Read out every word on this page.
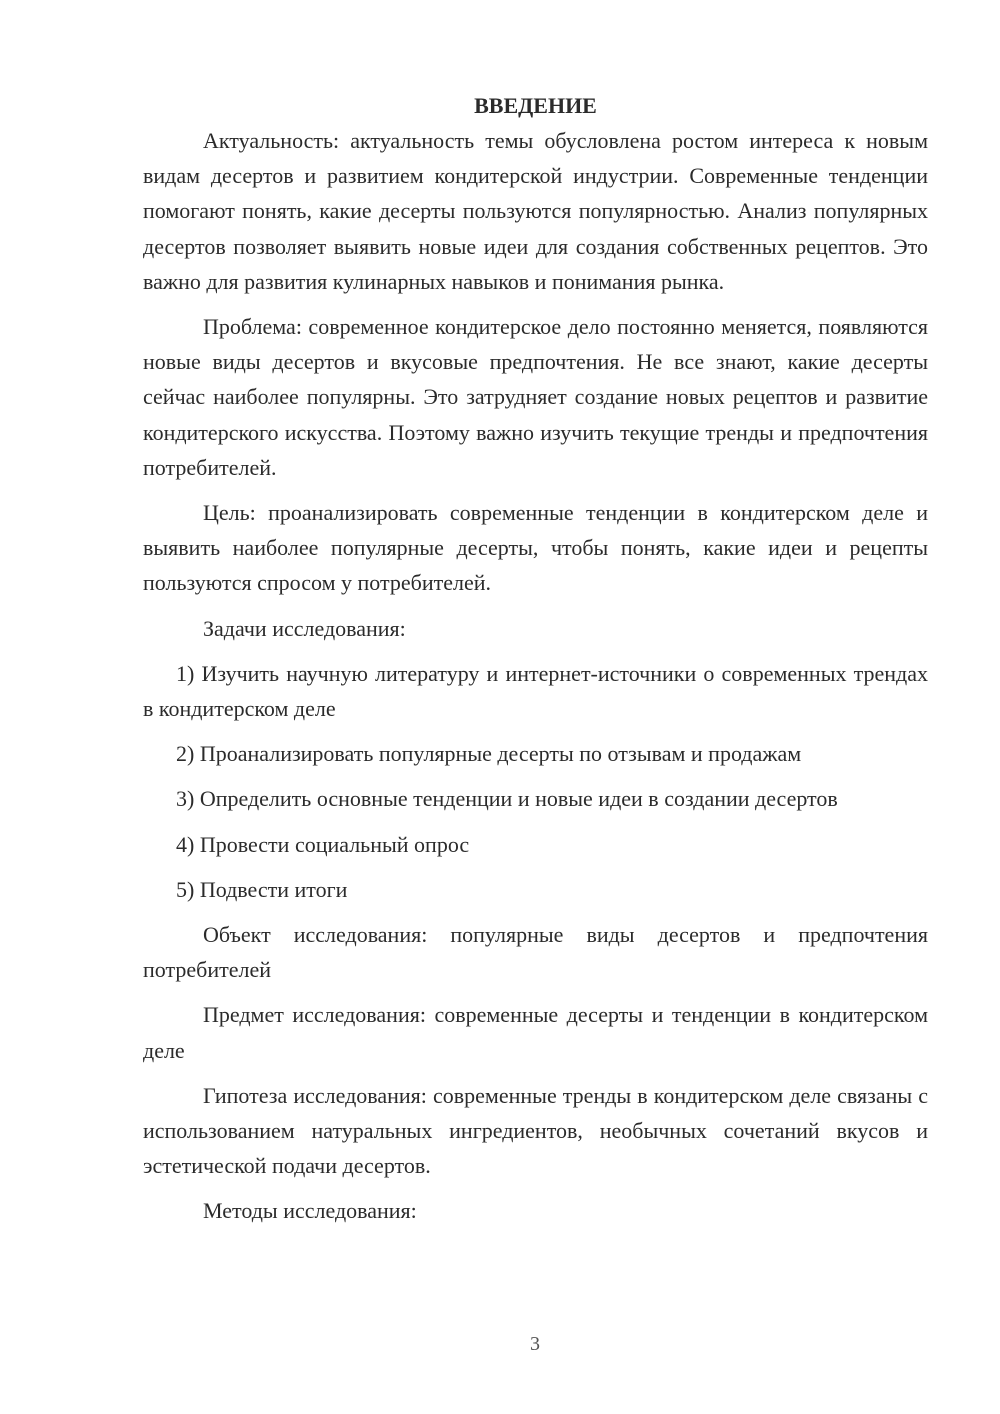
ВВЕДЕНИЕ

Актуальность: актуальность темы обусловлена ростом интереса к новым видам десертов и развитием кондитерской индустрии. Современные тенденции помогают понять, какие десерты пользуются популярностью. Анализ популярных десертов позволяет выявить новые идеи для создания собственных рецептов. Это важно для развития кулинарных навыков и понимания рынка.

Проблема: современное кондитерское дело постоянно меняется, появляются новые виды десертов и вкусовые предпочтения. Не все знают, какие десерты сейчас наиболее популярны. Это затрудняет создание новых рецептов и развитие кондитерского искусства. Поэтому важно изучить текущие тренды и предпочтения потребителей.

Цель: проанализировать современные тенденции в кондитерском деле и выявить наиболее популярные десерты, чтобы понять, какие идеи и рецепты пользуются спросом у потребителей.

Задачи исследования:

1) Изучить научную литературу и интернет-источники о современных трендах в кондитерском деле

2) Проанализировать популярные десерты по отзывам и продажам

3) Определить основные тенденции и новые идеи в создании десертов

4) Провести социальный опрос

5) Подвести итоги

Объект исследования: популярные виды десертов и предпочтения потребителей

Предмет исследования: современные десерты и тенденции в кондитерском деле

Гипотеза исследования: современные тренды в кондитерском деле связаны с использованием натуральных ингредиентов, необычных сочетаний вкусов и эстетической подачи десертов.

Методы исследования:

3
